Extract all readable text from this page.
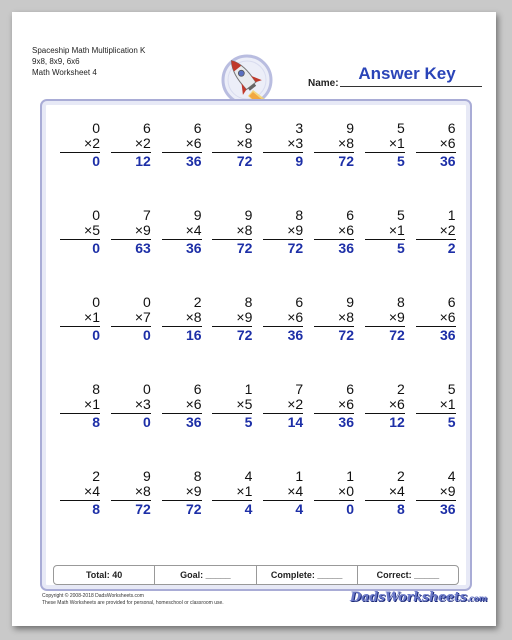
Spaceship Math Multiplication K
9x8, 8x9, 6x6
Math Worksheet 4
Name:
Answer Key
0
×2
0
6
×2
12
6
×6
36
9
×8
72
3
×3
9
9
×8
72
5
×1
5
6
×6
36
0
×5
0
7
×9
63
9
×4
36
9
×8
72
8
×9
72
6
×6
36
5
×1
5
1
×2
2
0
×1
0
0
×7
0
2
×8
16
8
×9
72
6
×6
36
9
×8
72
8
×9
72
6
×6
36
8
×1
8
0
×3
0
6
×6
36
1
×5
5
7
×2
14
6
×6
36
2
×6
12
5
×1
5
2
×4
8
9
×8
72
8
×9
72
4
×1
4
1
×4
4
1
×0
0
2
×4
8
4
×9
36
Total: 40	Goal: _____	Complete: _____	Correct: _____
Copyright © 2008-2018 DadsWorksheets.com
These Math Worksheets are provided for personal, homeschool or classroom use.	DadsWorksheets.com
